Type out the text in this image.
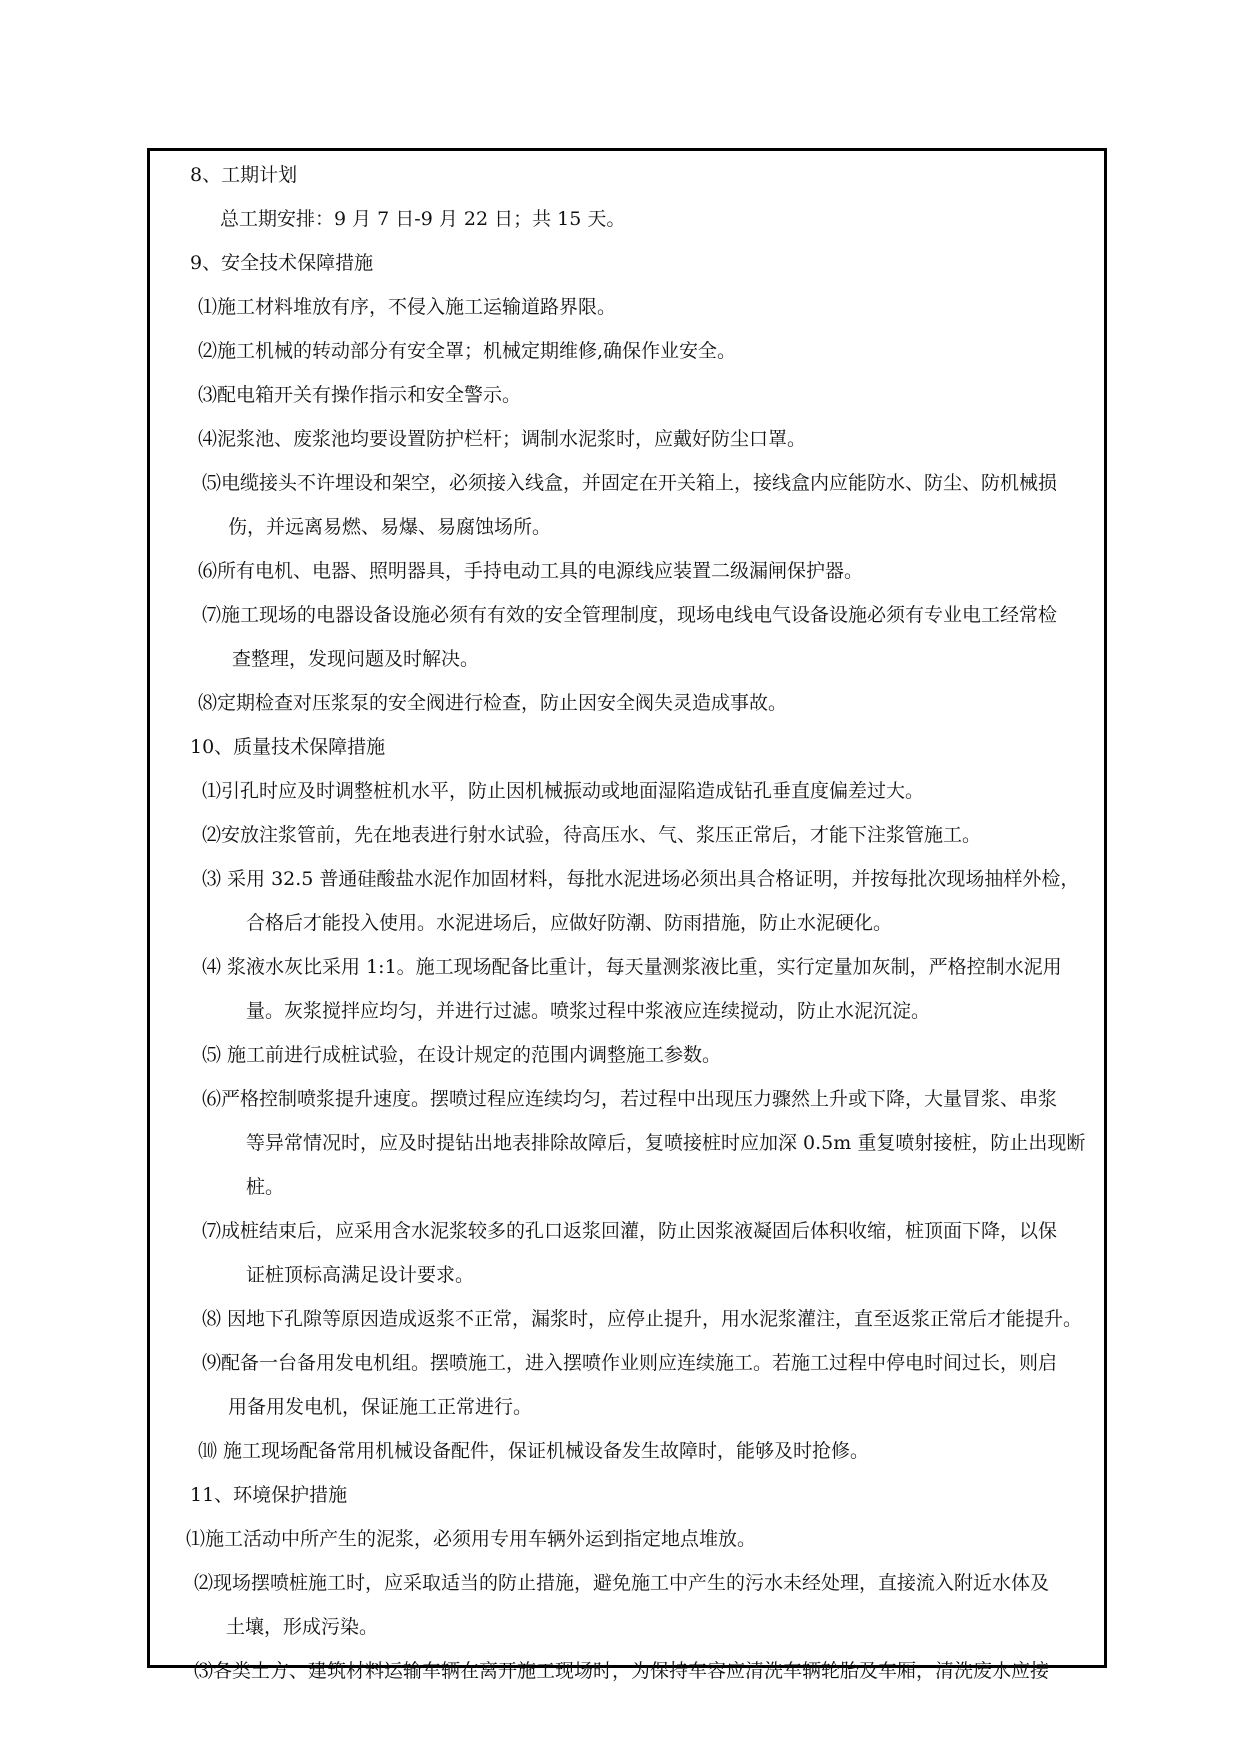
8、工期计划
总工期安排：9 月 7 日-9 月 22 日；共 15 天。
9、安全技术保障措施
⑴施工材料堆放有序，不侵入施工运输道路界限。
⑵施工机械的转动部分有安全罩；机械定期维修,确保作业安全。
⑶配电箱开关有操作指示和安全警示。
⑷泥浆池、废浆池均要设置防护栏杆；调制水泥浆时，应戴好防尘口罩。
⑸电缆接头不许埋设和架空，必须接入线盒，并固定在开关箱上，接线盒内应能防水、防尘、防机械损
伤，并远离易燃、易爆、易腐蚀场所。
⑹所有电机、电器、照明器具，手持电动工具的电源线应装置二级漏闸保护器。
⑺施工现场的电器设备设施必须有有效的安全管理制度，现场电线电气设备设施必须有专业电工经常检
查整理，发现问题及时解决。
⑻定期检查对压浆泵的安全阀进行检查，防止因安全阀失灵造成事故。
10、质量技术保障措施
⑴引孔时应及时调整桩机水平，防止因机械振动或地面湿陷造成钻孔垂直度偏差过大。
⑵安放注浆管前，先在地表进行射水试验，待高压水、气、浆压正常后，才能下注浆管施工。
⑶ 采用 32.5 普通硅酸盐水泥作加固材料，每批水泥进场必须出具合格证明，并按每批次现场抽样外检，
合格后才能投入使用。水泥进场后，应做好防潮、防雨措施，防止水泥硬化。
⑷ 浆液水灰比采用 1:1。施工现场配备比重计，每天量测浆液比重，实行定量加灰制，严格控制水泥用
量。灰浆搅拌应均匀，并进行过滤。喷浆过程中浆液应连续搅动，防止水泥沉淀。
⑸ 施工前进行成桩试验，在设计规定的范围内调整施工参数。
⑹严格控制喷浆提升速度。摆喷过程应连续均匀，若过程中出现压力骤然上升或下降，大量冒浆、串浆
等异常情况时，应及时提钻出地表排除故障后，复喷接桩时应加深 0.5m 重复喷射接桩，防止出现断
桩。
⑺成桩结束后，应采用含水泥浆较多的孔口返浆回灌，防止因浆液凝固后体积收缩，桩顶面下降，以保
证桩顶标高满足设计要求。
⑻ 因地下孔隙等原因造成返浆不正常，漏浆时，应停止提升，用水泥浆灌注，直至返浆正常后才能提升。
⑼配备一台备用发电机组。摆喷施工，进入摆喷作业则应连续施工。若施工过程中停电时间过长，则启
用备用发电机，保证施工正常进行。
⑽ 施工现场配备常用机械设备配件，保证机械设备发生故障时，能够及时抢修。
11、环境保护措施
⑴施工活动中所产生的泥浆，必须用专用车辆外运到指定地点堆放。
⑵现场摆喷桩施工时，应采取适当的防止措施，避免施工中产生的污水未经处理，直接流入附近水体及
土壤，形成污染。
⑶各类土方、建筑材料运输车辆在离开施工现场时，为保持车容应清洗车辆轮胎及车厢，清洗废水应接
